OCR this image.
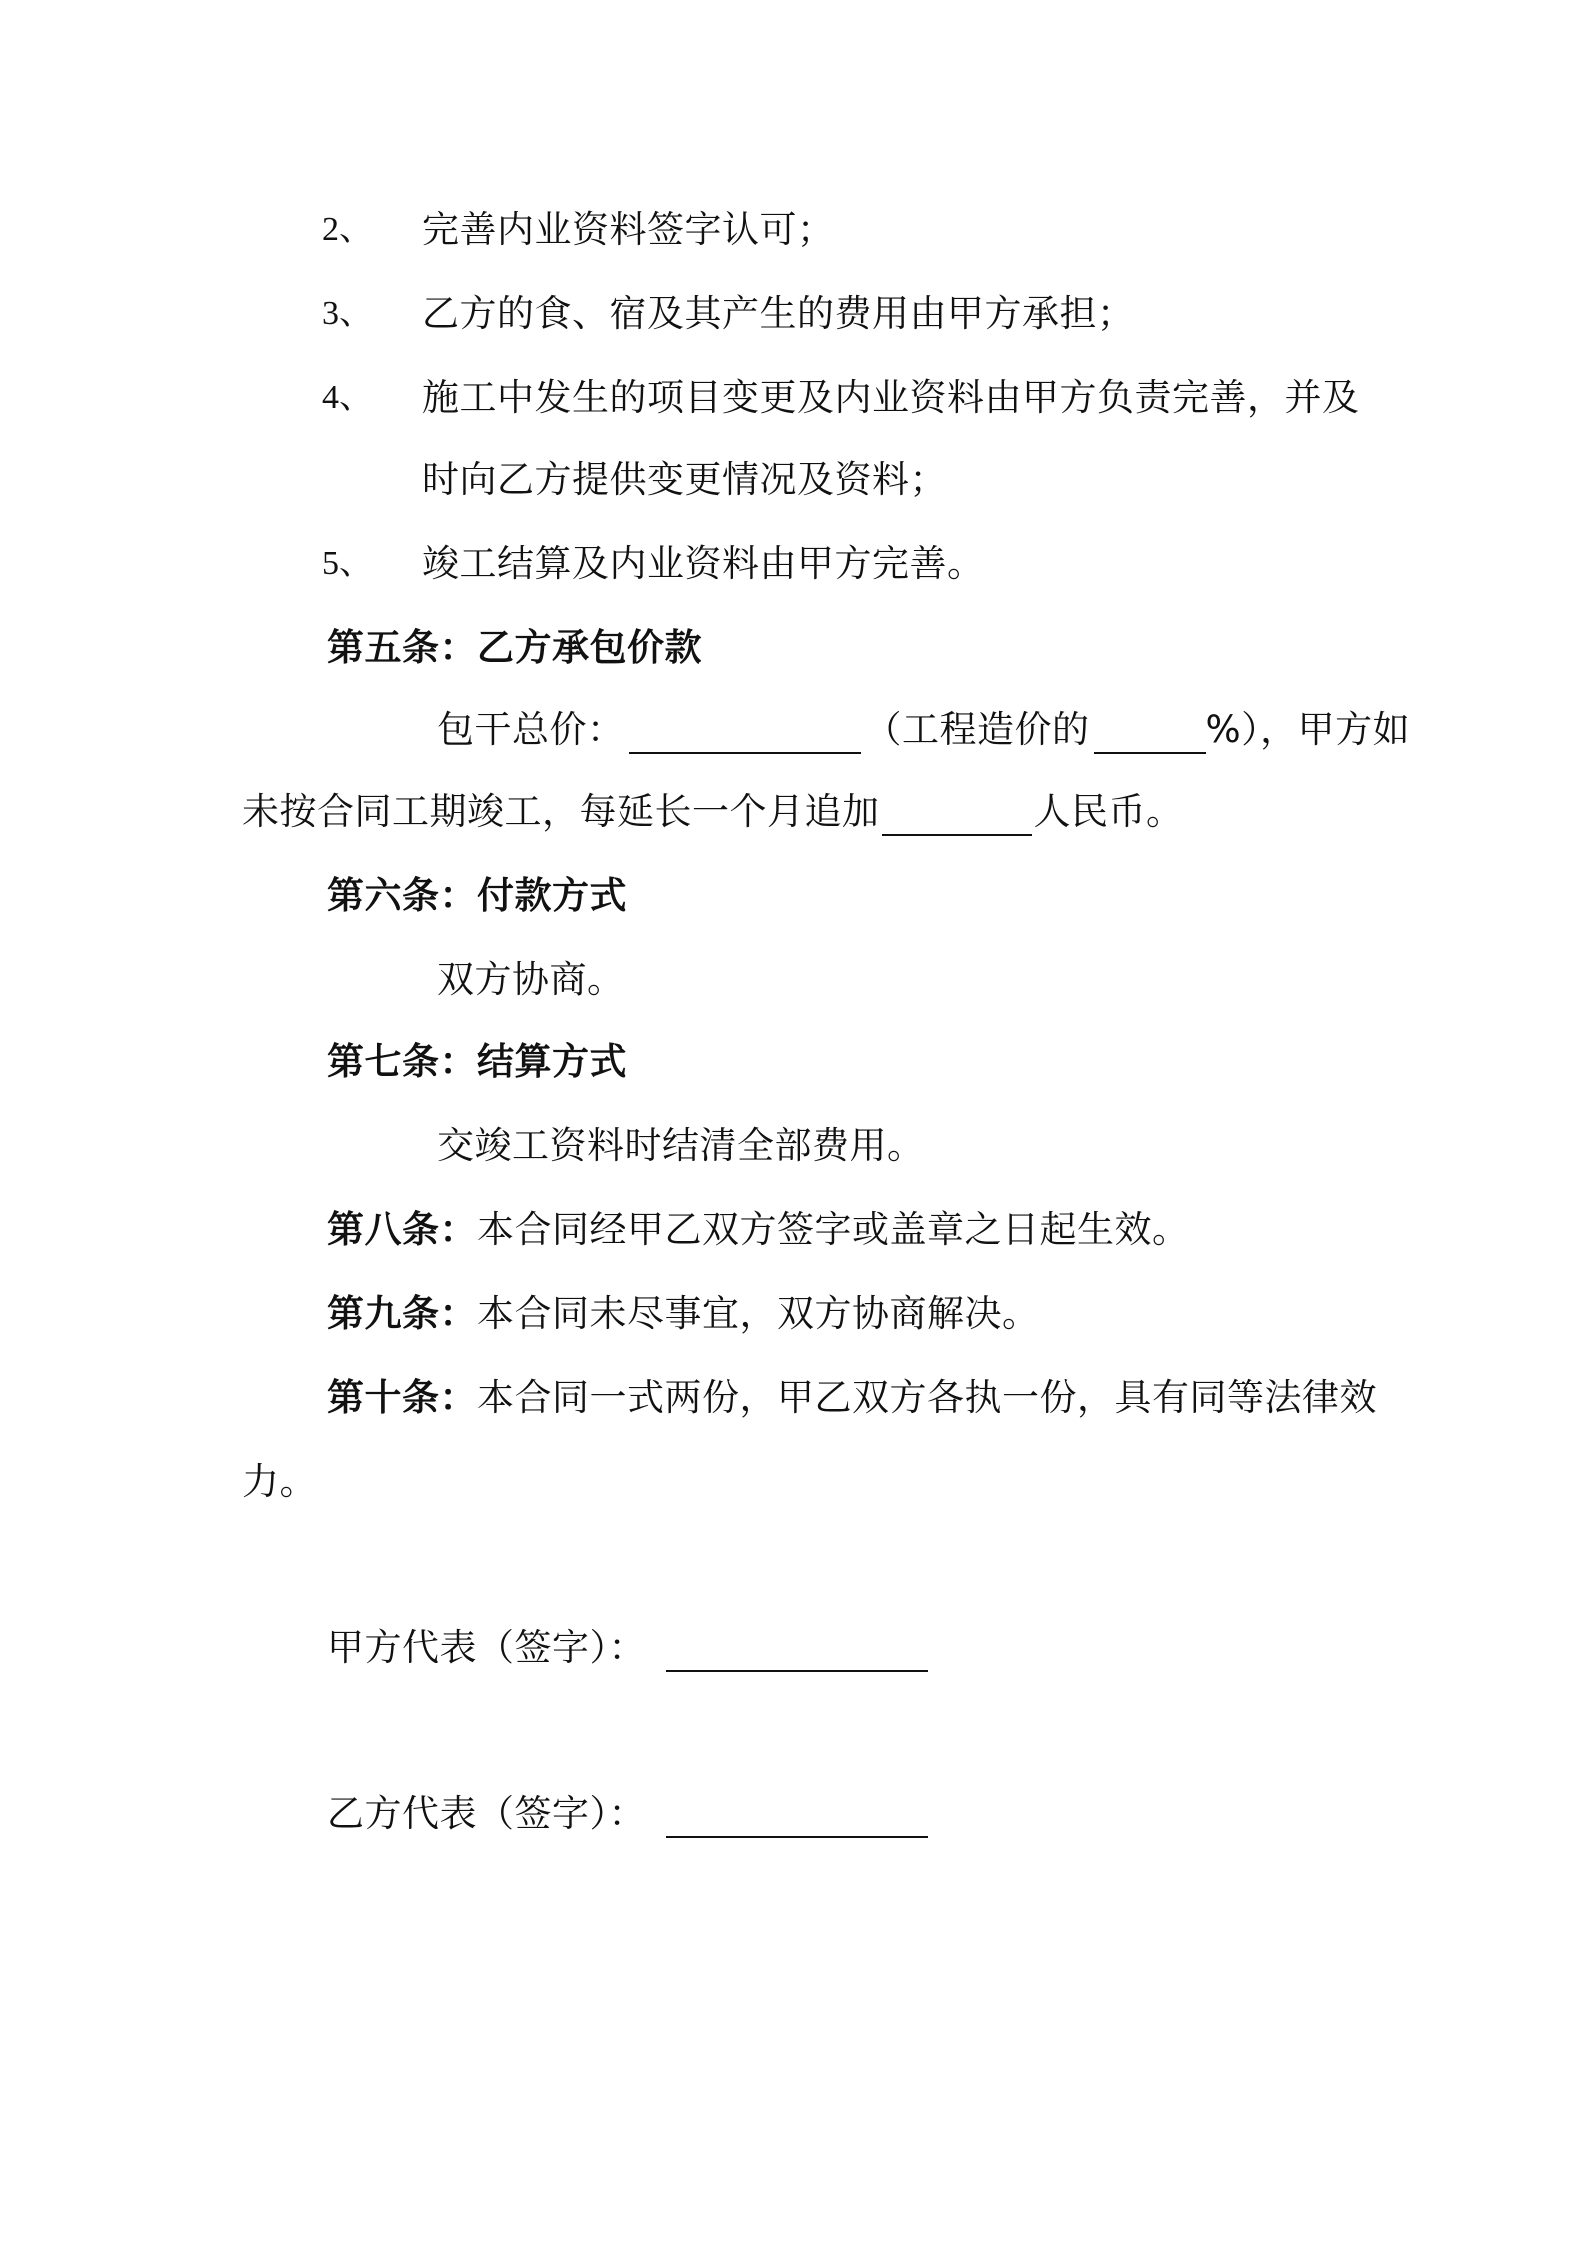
2、 完善内业资料签字认可；
3、 乙方的食、宿及其产生的费用由甲方承担；
4、 施工中发生的项目变更及内业资料由甲方负责完善，并及
时向乙方提供变更情况及资料；
5、 竣工结算及内业资料由甲方完善。
第五条：乙方承包价款
包干总价：	（工程造价的	%），甲方如
未按合同工期竣工，每延长一个月追加	人民币。
第六条：付款方式
双方协商。
第七条：结算方式
交竣工资料时结清全部费用。
第八条：本合同经甲乙双方签字或盖章之日起生效。
第九条：本合同未尽事宜，双方协商解决。
第十条：本合同一式两份，甲乙双方各执一份，具有同等法律效
力。
甲方代表（签字）：
乙方代表（签字）：
